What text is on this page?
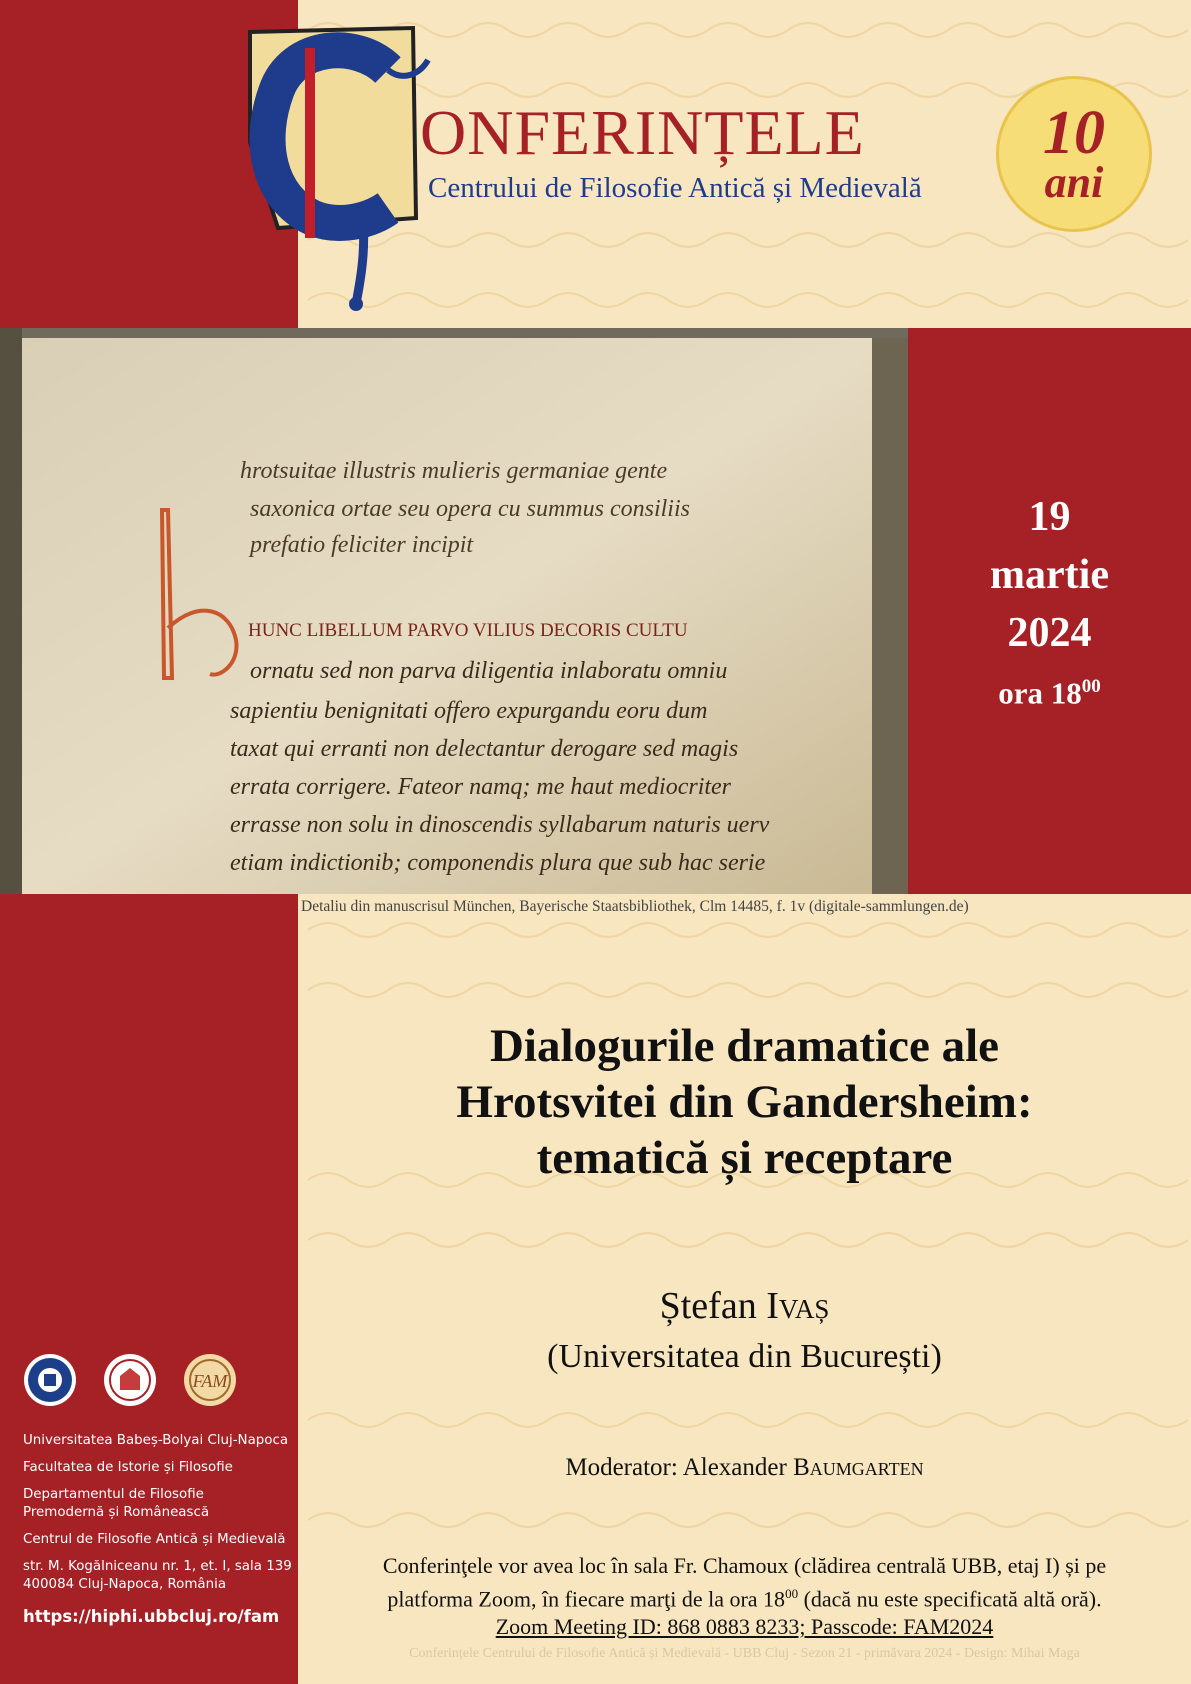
ONFERINȚELE
Centrului de Filosofie Antică și Medievală
10
ani
hrotsuitae illustris mulieris germaniae gente
saxonica ortae seu opera cu summus consiliis
prefatio feliciter incipit
HUNC LIBELLUM PARVO VILIUS DECORIS CULTU
ornatu sed non parva diligentia inlaboratu omniu
sapientiu benignitati offero expurgandu eoru dum
taxat qui erranti non delectantur derogare sed magis
errata corrigere. Fateor namq; me haut mediocriter
errasse non solu in dinoscendis syllabarum naturis uerv
etiam indictionib; componendis plura que sub hac serie
Detaliu din manuscrisul München, Bayerische Staatsbibliothek, Clm 14485, f. 1v (digitale-sammlungen.de)
19
martie
2024
ora $18^{00}$
Dialogurile dramatice ale
Hrotsvitei din Gandersheim:
tematică și receptare
Ștefan Ivaș
(Universitatea din București)
Moderator: Alexander Baumgarten
Conferinţele vor avea loc în sala Fr. Chamoux (clădirea centrală UBB, etaj I) și pe
platforma Zoom, în fiecare marţi de la ora $18^{00}$ (dacă nu este specificată altă oră).
Zoom Meeting ID: 868 0883 8233; Passcode: FAM2024
Conferințele Centrului de Filosofie Antică și Medievală - UBB Cluj - Sezon 21 - primăvara 2024 - Design: Mihai Maga
FAM
Universitatea Babeș-Bolyai Cluj-Napoca
Facultatea de Istorie și Filosofie
Departamentul de Filosofie
Premodernă și Românească
Centrul de Filosofie Antică și Medievală
str. M. Kogălniceanu nr. 1, et. I, sala 139
400084 Cluj-Napoca, România
https://hiphi.ubbcluj.ro/fam
